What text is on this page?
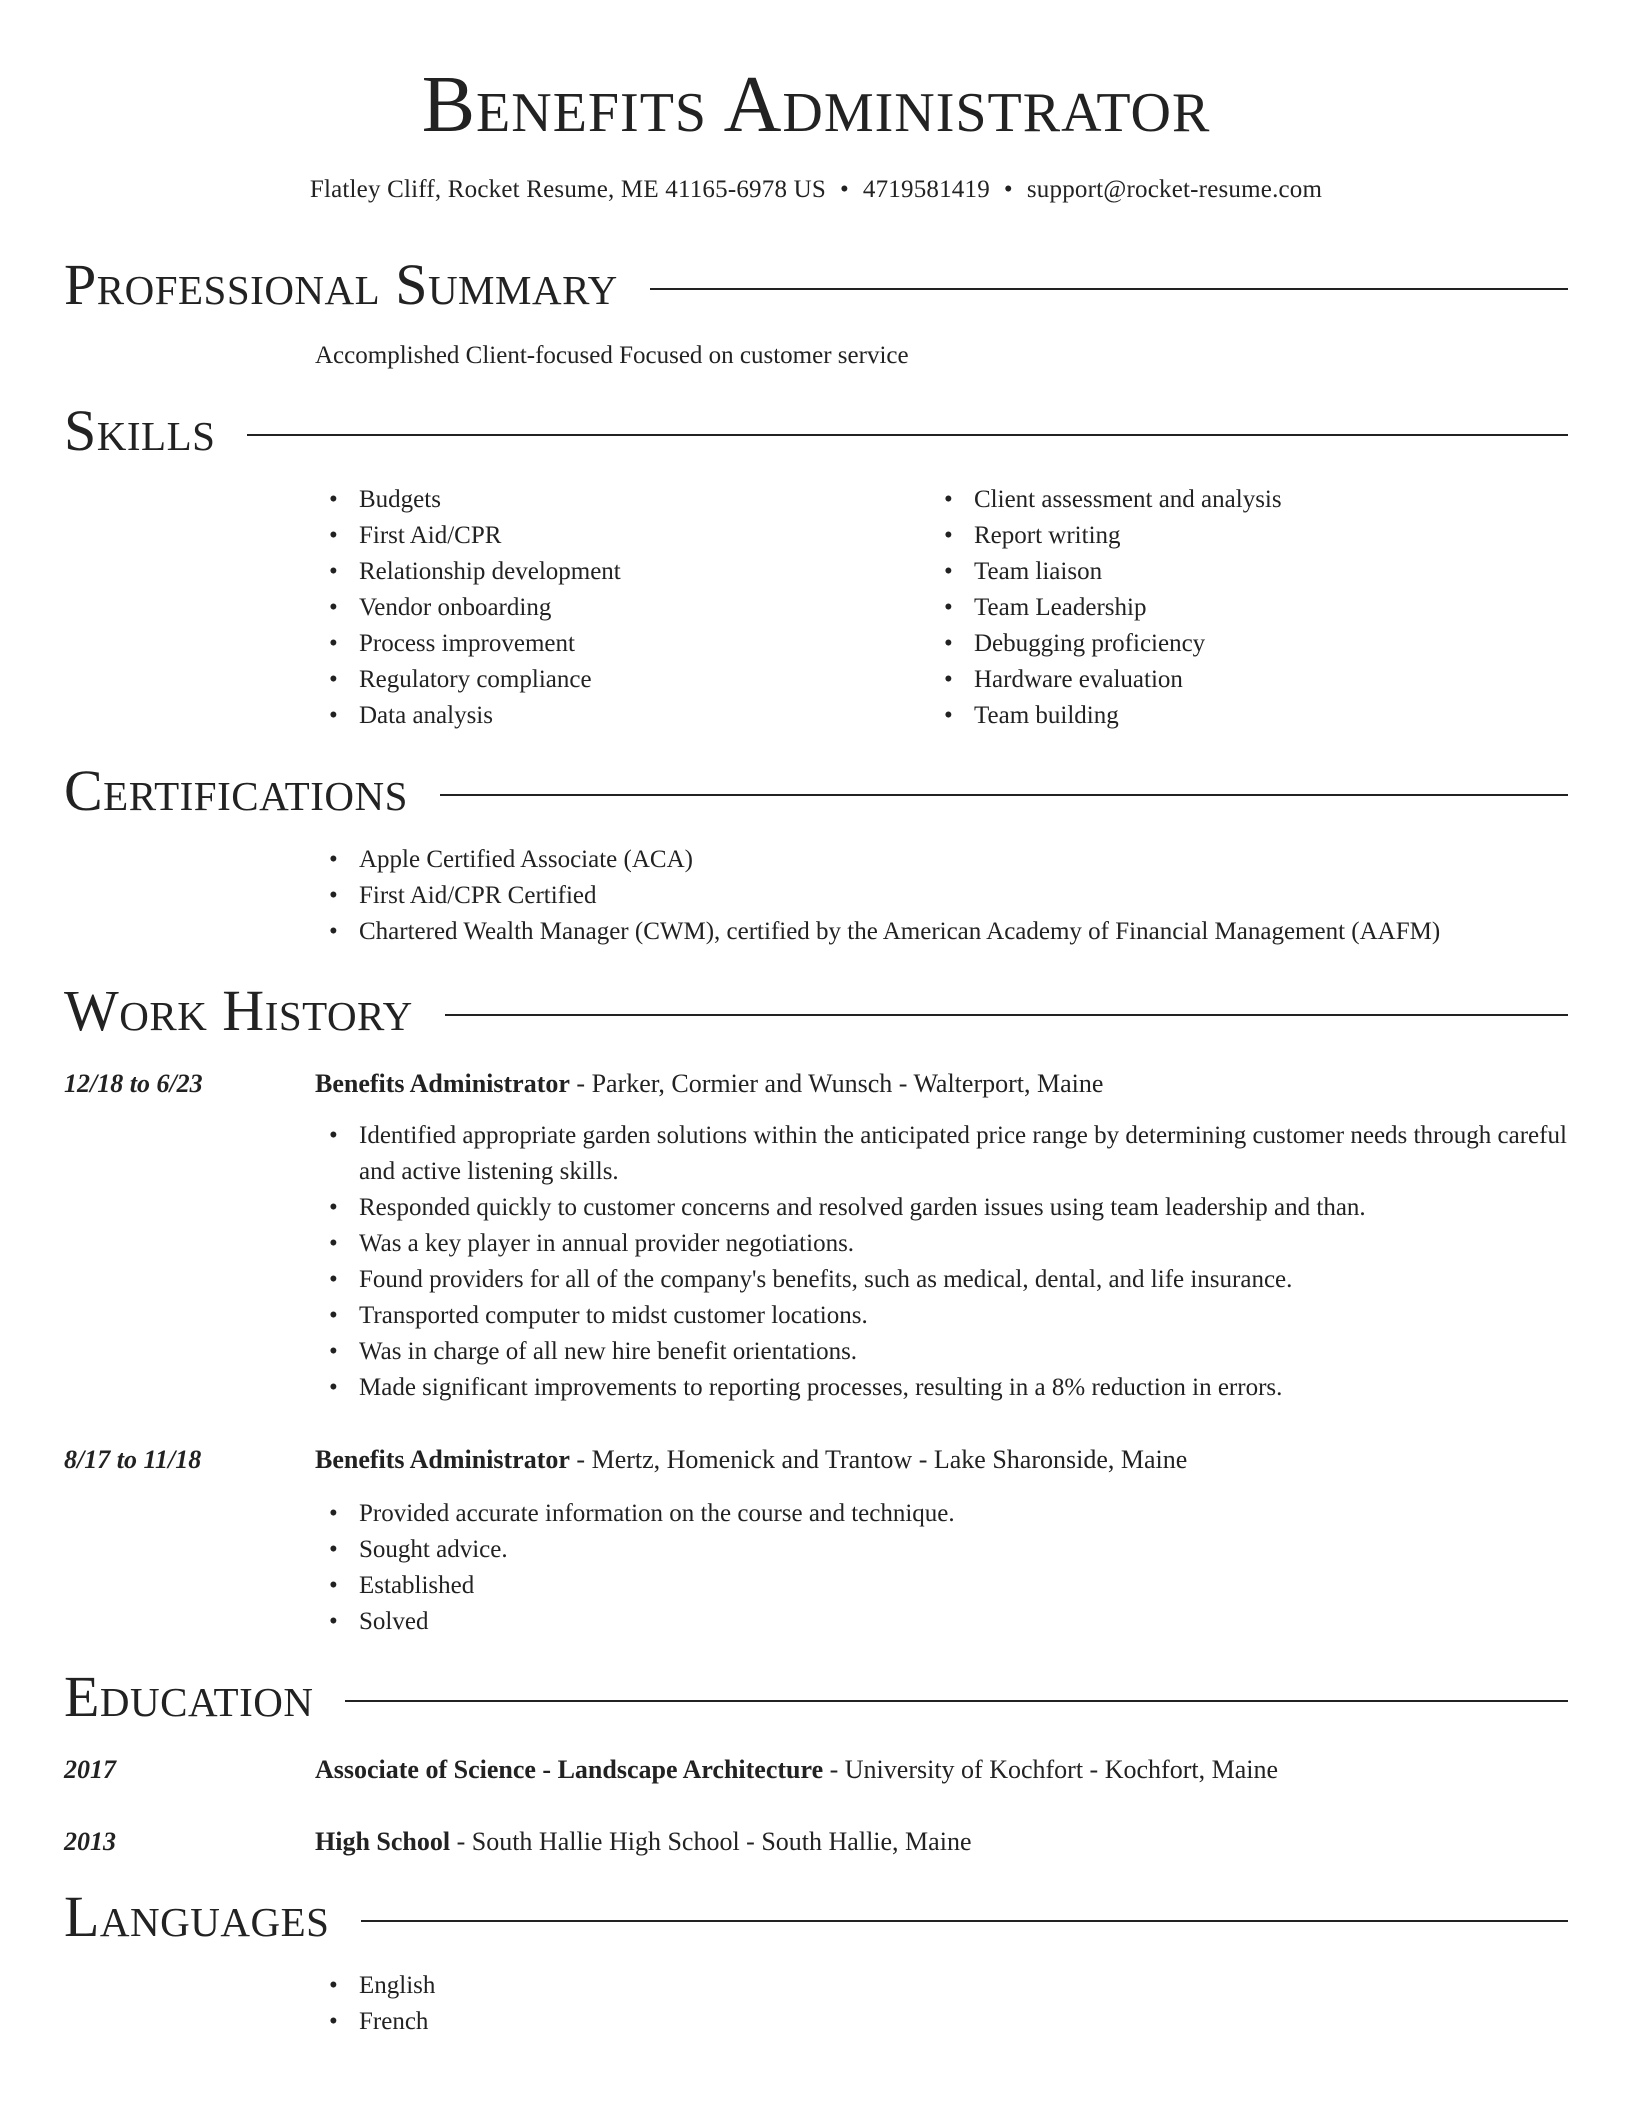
Benefits Administrator
Flatley Cliff, Rocket Resume, ME 41165-6978 US • 4719581419 • support@rocket-resume.com
Professional Summary
Accomplished Client-focused Focused on customer service
Skills
• Budgets
• First Aid/CPR
• Relationship development
• Vendor onboarding
• Process improvement
• Regulatory compliance
• Data analysis
• Client assessment and analysis
• Report writing
• Team liaison
• Team Leadership
• Debugging proficiency
• Hardware evaluation
• Team building
Certifications
• Apple Certified Associate (ACA)
• First Aid/CPR Certified
• Chartered Wealth Manager (CWM), certified by the American Academy of Financial Management (AAFM)
Work History
12/18 to 6/23	Benefits Administrator - Parker, Cormier and Wunsch - Walterport, Maine
• Identified appropriate garden solutions within the anticipated price range by determining customer needs through careful and active listening skills.
• Responded quickly to customer concerns and resolved garden issues using team leadership and than.
• Was a key player in annual provider negotiations.
• Found providers for all of the company's benefits, such as medical, dental, and life insurance.
• Transported computer to midst customer locations.
• Was in charge of all new hire benefit orientations.
• Made significant improvements to reporting processes, resulting in a 8% reduction in errors.
8/17 to 11/18	Benefits Administrator - Mertz, Homenick and Trantow - Lake Sharonside, Maine
• Provided accurate information on the course and technique.
• Sought advice.
• Established
• Solved
Education
2017	Associate of Science - Landscape Architecture - University of Kochfort - Kochfort, Maine
2013	High School - South Hallie High School - South Hallie, Maine
Languages
• English
• French
